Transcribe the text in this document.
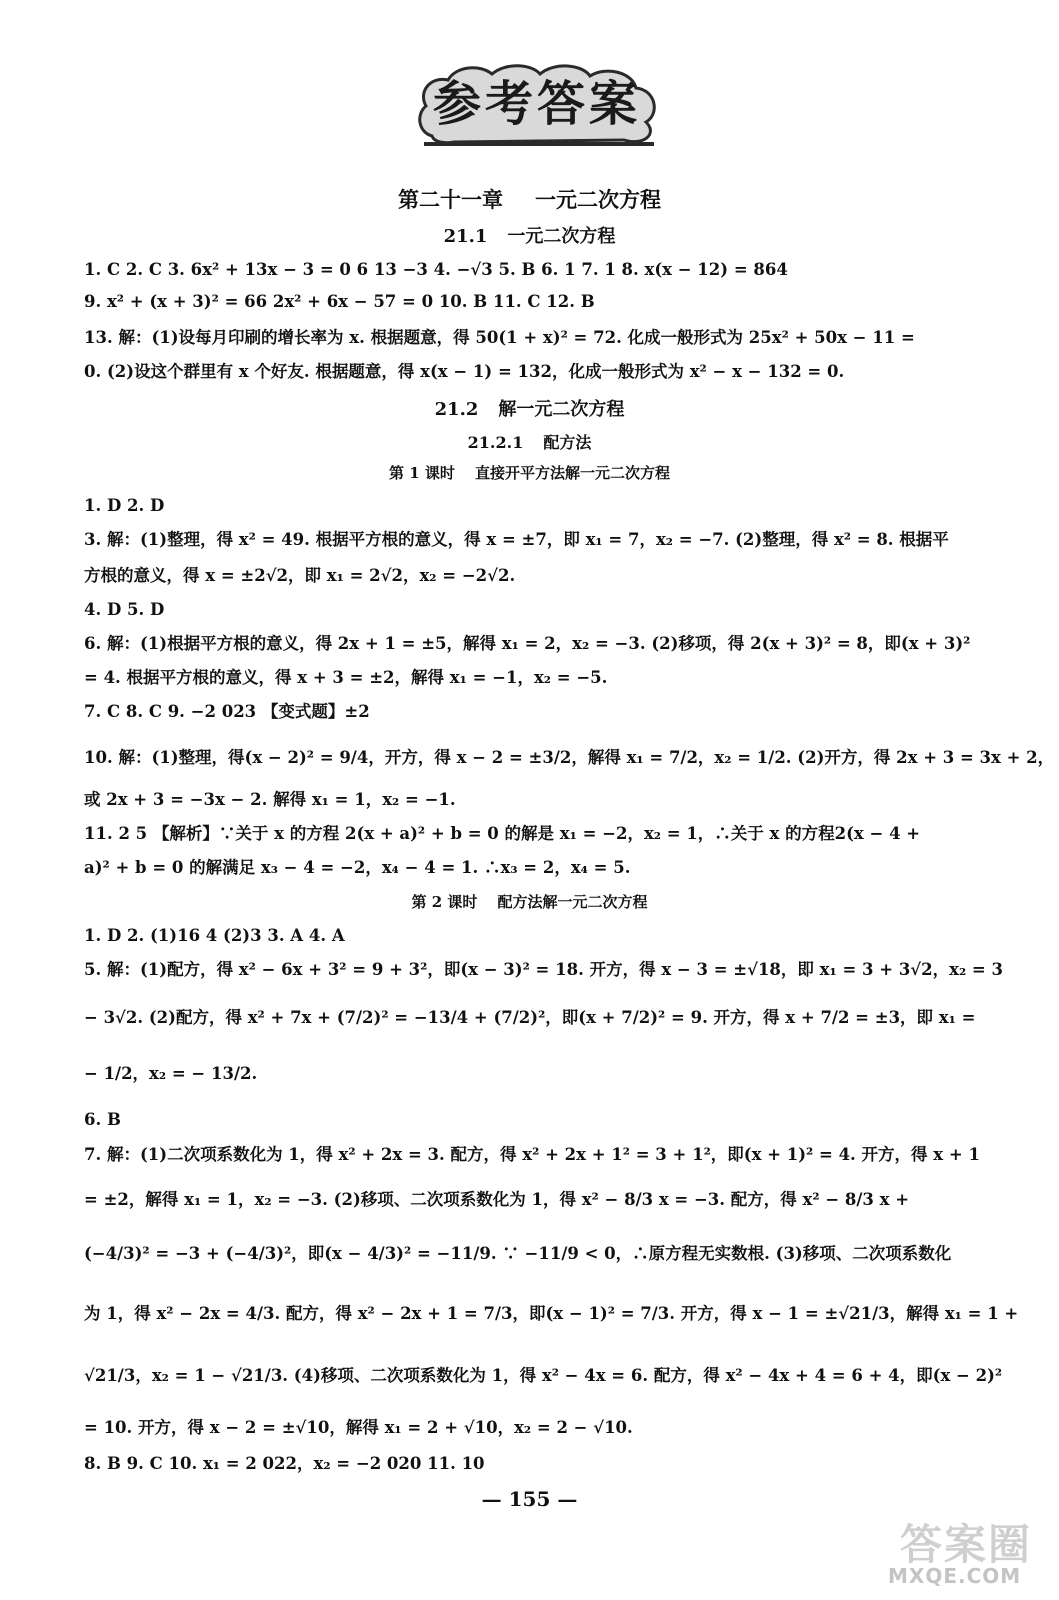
参考答案
第二十一章 一元二次方程
21.1 一元二次方程
1. C 2. C 3. 6x² + 13x − 3 = 0 6 13 −3 4. −√3 5. B 6. 1 7. 1 8. x(x − 12) = 864
9. x² + (x + 3)² = 66 2x² + 6x − 57 = 0 10. B 11. C 12. B
13. 解：(1)设每月印刷的增长率为 x. 根据题意，得 50(1 + x)² = 72. 化成一般形式为 25x² + 50x − 11 =
0. (2)设这个群里有 x 个好友. 根据题意，得 x(x − 1) = 132，化成一般形式为 x² − x − 132 = 0.
21.2 解一元二次方程
21.2.1 配方法
第 1 课时 直接开平方法解一元二次方程
1. D 2. D
3. 解：(1)整理，得 x² = 49. 根据平方根的意义，得 x = ±7，即 x₁ = 7，x₂ = −7. (2)整理，得 x² = 8. 根据平
方根的意义，得 x = ±2√2，即 x₁ = 2√2，x₂ = −2√2.
4. D 5. D
6. 解：(1)根据平方根的意义，得 2x + 1 = ±5，解得 x₁ = 2，x₂ = −3. (2)移项，得 2(x + 3)² = 8，即(x + 3)²
= 4. 根据平方根的意义，得 x + 3 = ±2，解得 x₁ = −1，x₂ = −5.
7. C 8. C 9. −2 023 【变式题】±2
10. 解：(1)整理，得(x − 2)² = 9/4，开方，得 x − 2 = ±3/2，解得 x₁ = 7/2，x₂ = 1/2. (2)开方，得 2x + 3 = 3x + 2，
或 2x + 3 = −3x − 2. 解得 x₁ = 1，x₂ = −1.
11. 2 5 【解析】∵关于 x 的方程 2(x + a)² + b = 0 的解是 x₁ = −2，x₂ = 1，∴关于 x 的方程2(x − 4 +
a)² + b = 0 的解满足 x₃ − 4 = −2，x₄ − 4 = 1. ∴x₃ = 2，x₄ = 5.
第 2 课时 配方法解一元二次方程
1. D 2. (1)16 4 (2)3 3. A 4. A
5. 解：(1)配方，得 x² − 6x + 3² = 9 + 3²，即(x − 3)² = 18. 开方，得 x − 3 = ±√18，即 x₁ = 3 + 3√2，x₂ = 3
− 3√2. (2)配方，得 x² + 7x + (7/2)² = −13/4 + (7/2)²，即(x + 7/2)² = 9. 开方，得 x + 7/2 = ±3，即 x₁ =
− 1/2，x₂ = − 13/2.
6. B
7. 解：(1)二次项系数化为 1，得 x² + 2x = 3. 配方，得 x² + 2x + 1² = 3 + 1²，即(x + 1)² = 4. 开方，得 x + 1
= ±2，解得 x₁ = 1，x₂ = −3. (2)移项、二次项系数化为 1，得 x² − 8/3 x = −3. 配方，得 x² − 8/3 x +
(−4/3)² = −3 + (−4/3)²，即(x − 4/3)² = −11/9. ∵ −11/9 < 0，∴原方程无实数根. (3)移项、二次项系数化
为 1，得 x² − 2x = 4/3. 配方，得 x² − 2x + 1 = 7/3，即(x − 1)² = 7/3. 开方，得 x − 1 = ±√21/3，解得 x₁ = 1 +
√21/3，x₂ = 1 − √21/3. (4)移项、二次项系数化为 1，得 x² − 4x = 6. 配方，得 x² − 4x + 4 = 6 + 4，即(x − 2)²
= 10. 开方，得 x − 2 = ±√10，解得 x₁ = 2 + √10，x₂ = 2 − √10.
8. B 9. C 10. x₁ = 2 022，x₂ = −2 020 11. 10
— 155 —
答案圈
MXQE.COM
